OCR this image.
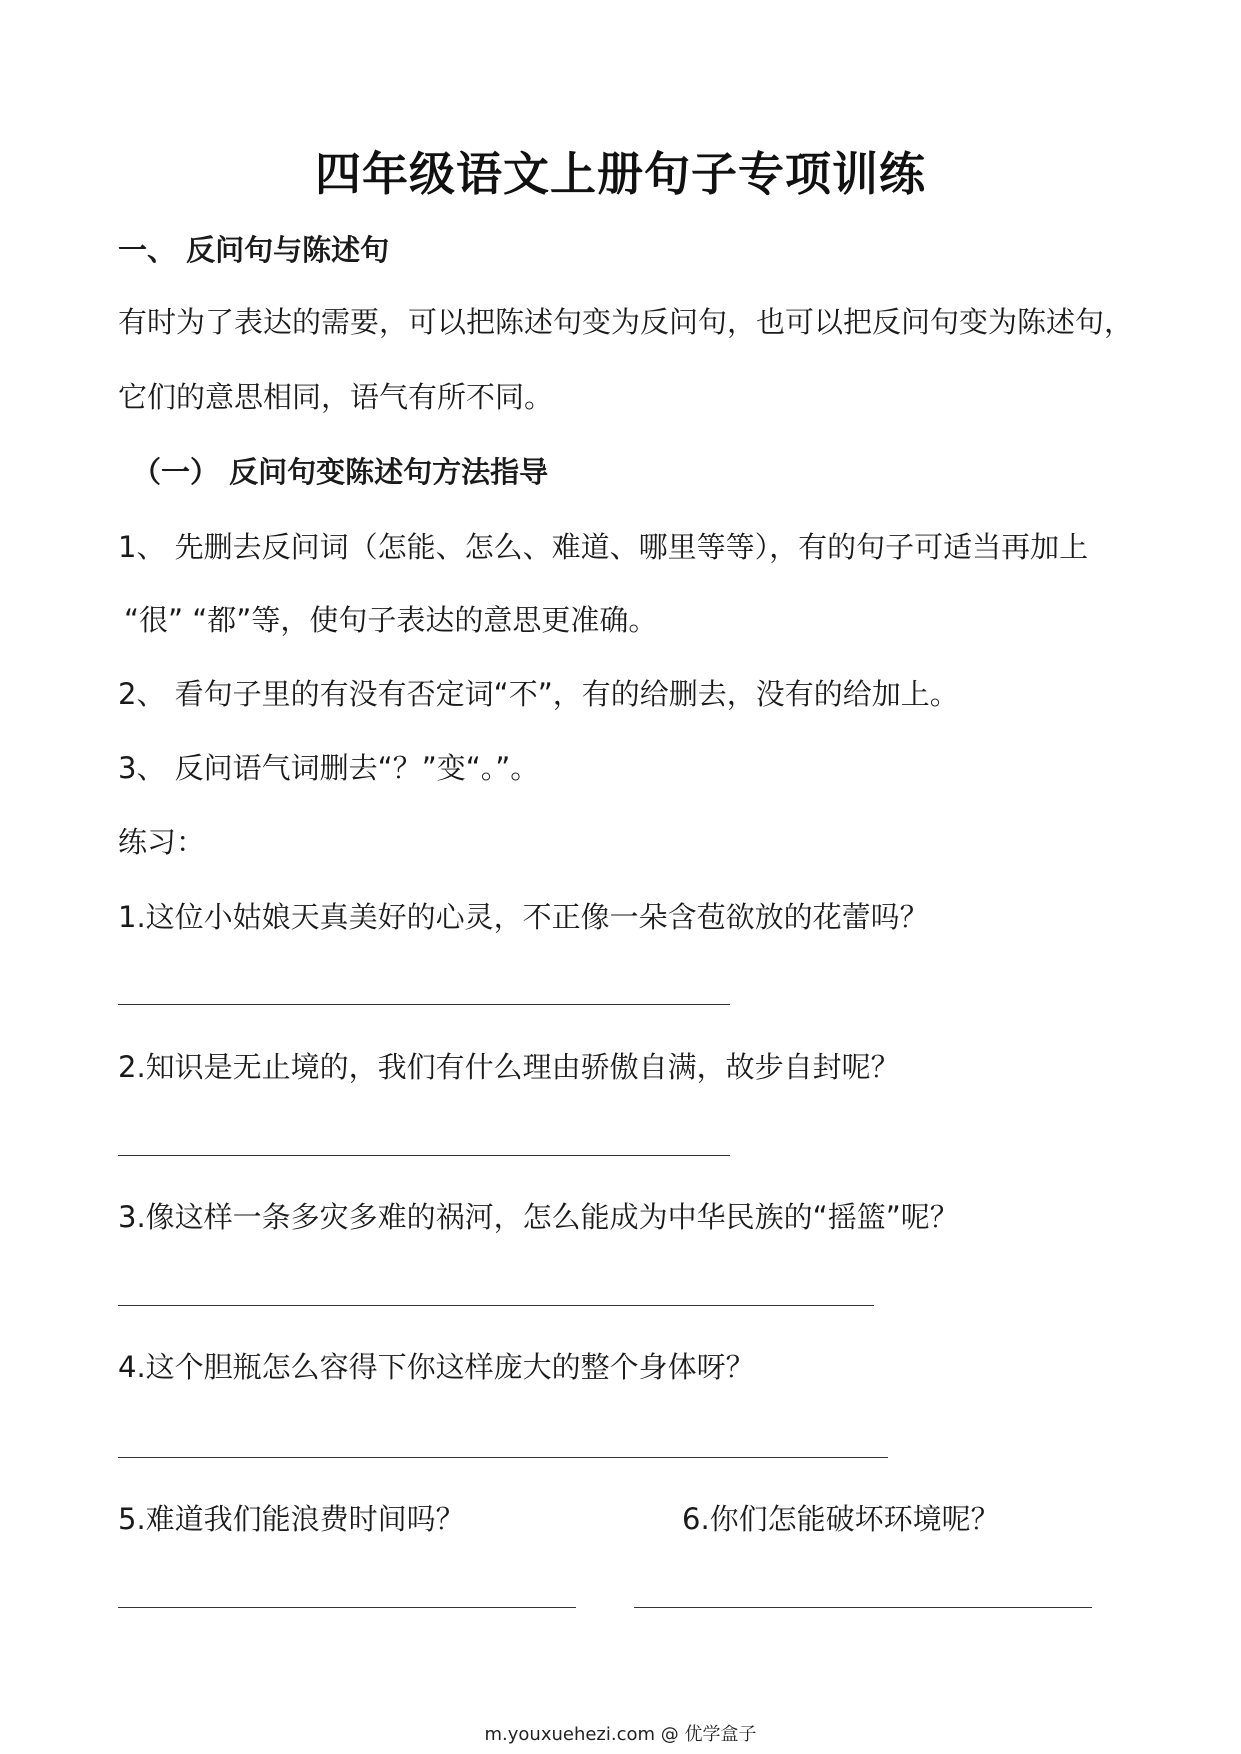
四年级语文上册句子专项训练
一、 反问句与陈述句
有时为了表达的需要，可以把陈述句变为反问句，也可以把反问句变为陈述句，
它们的意思相同，语气有所不同。
（一） 反问句变陈述句方法指导
1、 先删去反问词（怎能、怎么、难道、哪里等等），有的句子可适当再加上
“很” “都”等，使句子表达的意思更准确。
2、 看句子里的有没有否定词“不”，有的给删去，没有的给加上。
3、 反问语气词删去“？”变“。”。
练习：
1.这位小姑娘天真美好的心灵，不正像一朵含苞欲放的花蕾吗？
2.知识是无止境的，我们有什么理由骄傲自满，故步自封呢？
3.像这样一条多灾多难的祸河，怎么能成为中华民族的“摇篮”呢？
4.这个胆瓶怎么容得下你这样庞大的整个身体呀？
5.难道我们能浪费时间吗？	6.你们怎能破坏环境呢？
m.youxuehezi.com @ 优学盒子
